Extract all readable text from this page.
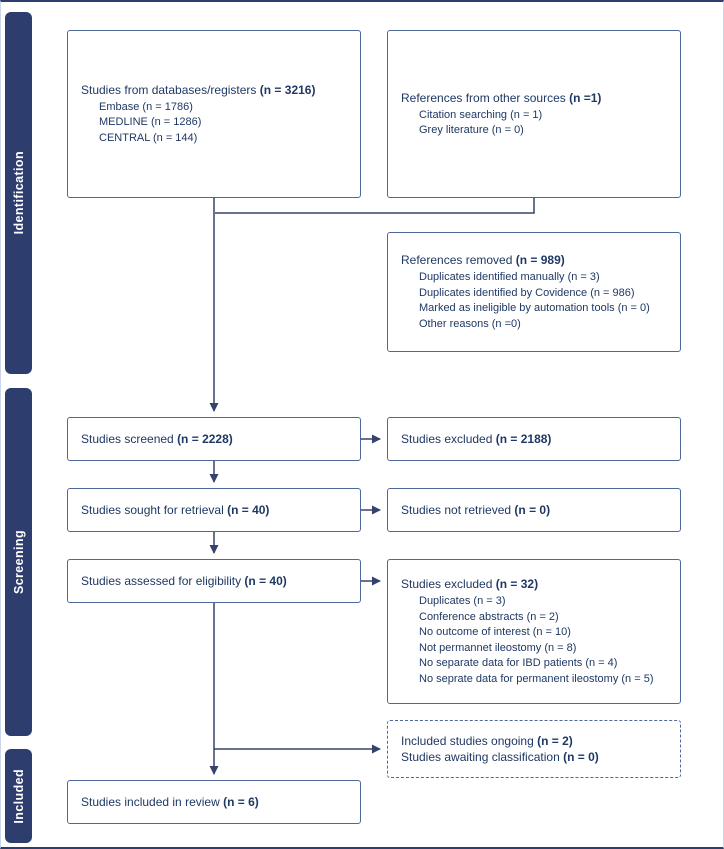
Identification
Screening
Included
Studies from databases/registers (n = 3216)
Embase (n = 1786)
MEDLINE (n = 1286)
CENTRAL (n = 144)
References from other sources (n =1)
Citation searching (n = 1)
Grey literature (n = 0)
References removed (n = 989)
Duplicates identified manually (n = 3)
Duplicates identified by Covidence (n = 986)
Marked as ineligible by automation tools (n = 0)
Other reasons (n =0)
Studies screened (n = 2228)	Studies excluded (n = 2188)
Studies sought for retrieval (n = 40)	Studies not retrieved (n = 0)
Studies assessed for eligibility (n = 40)	Studies excluded (n = 32)
Duplicates (n = 3)
Conference abstracts (n = 2)
No outcome of interest (n = 10)
Not permannet ileostomy (n = 8)
No separate data for IBD patients (n = 4)
No seprate data for permanent ileostomy (n = 5)
Included studies ongoing (n = 2)
Studies awaiting classification (n = 0)
Studies included in review (n = 6)
